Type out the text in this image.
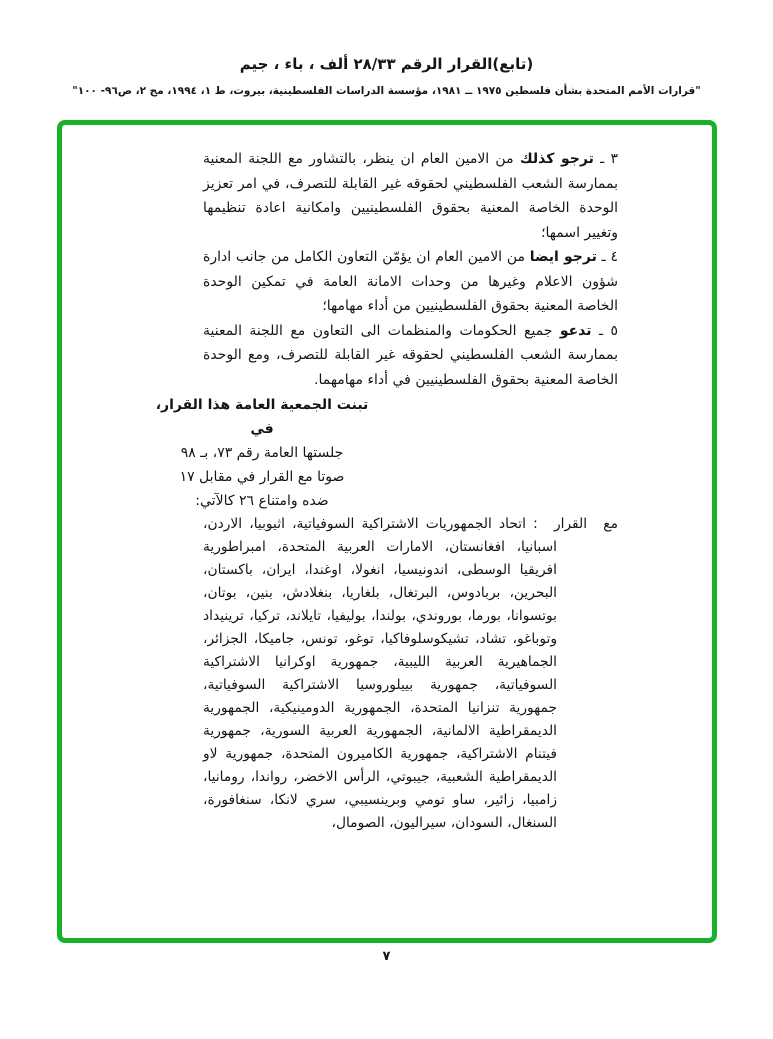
(تابع)القرار الرقم ٢٨/٣٣ ألف ، باء ، جيم
"قرارات الأمم المتحدة بشأن فلسطين ١٩٧٥ ــ ١٩٨١، مؤسسة الدراسات الفلسطينية، بيروت، ط ١، ١٩٩٤، مج ٢، ص٩٦- ١٠٠"

٣ ـ ترجو كذلك من الامين العام ان ينظر، بالتشاور مع اللجنة المعنية بممارسة الشعب الفلسطيني لحقوقه غير القابلة للتصرف، في امر تعزيز الوحدة الخاصة المعنية بحقوق الفلسطينيين وامكانية اعادة تنظيمها وتغيير اسمها؛

٤ ـ ترجو ايضا من الامين العام ان يؤمّن التعاون الكامل من جانب ادارة شؤون الاعلام وغيرها من وحدات الامانة العامة في تمكين الوحدة الخاصة المعنية بحقوق الفلسطينيين من أداء مهامها؛

٥ ـ تدعو جميع الحكومات والمنظمات الى التعاون مع اللجنة المعنية بممارسة الشعب الفلسطيني لحقوقه غير القابلة للتصرف، ومع الوحدة الخاصة المعنية بحقوق الفلسطينيين في أداء مهامهما.

تبنت الجمعية العامة هذا القرار، في

جلستها العامة رقم ٧٣، بـ ٩٨

صوتا مع القرار في مقابل ١٧

ضده وامتناع ٢٦ كالآتي:

مع القرار : اتحاد الجمهوريات الاشتراكية السوفياتية، اثيوبيا، الاردن، اسبانيا، افغانستان، الامارات العربية المتحدة، امبراطورية افريقيا الوسطى، اندونيسيا، انغولا، اوغندا، ايران، باكستان، البحرين، بربادوس، البرتغال، بلغاريا، بنغلادش، بنين، بوتان، بوتسوانا، بورما، بوروندي، بولندا، بوليفيا، تايلاند، تركيا، ترينيداد وتوباغو، تشاد، تشيكوسلوفاكيا، توغو، تونس، جاميكا، الجزائر، الجماهيرية العربية الليبية، جمهورية اوكرانيا الاشتراكية السوفياتية، جمهورية بييلوروسيا الاشتراكية السوفياتية، جمهورية تنزانيا المتحدة، الجمهورية الدومينيكية، الجمهورية الديمقراطية الالمانية، الجمهورية العربية السورية، جمهورية فيتنام الاشتراكية، جمهورية الكاميرون المتحدة، جمهورية لاو الديمقراطية الشعبية، جيبوتي، الرأس الاخضر، رواندا، رومانيا، زامبيا، زائير، ساو تومي وبرينسيبي، سري لانكا، سنغافورة، السنغال، السودان، سيراليون، الصومال،

٧
